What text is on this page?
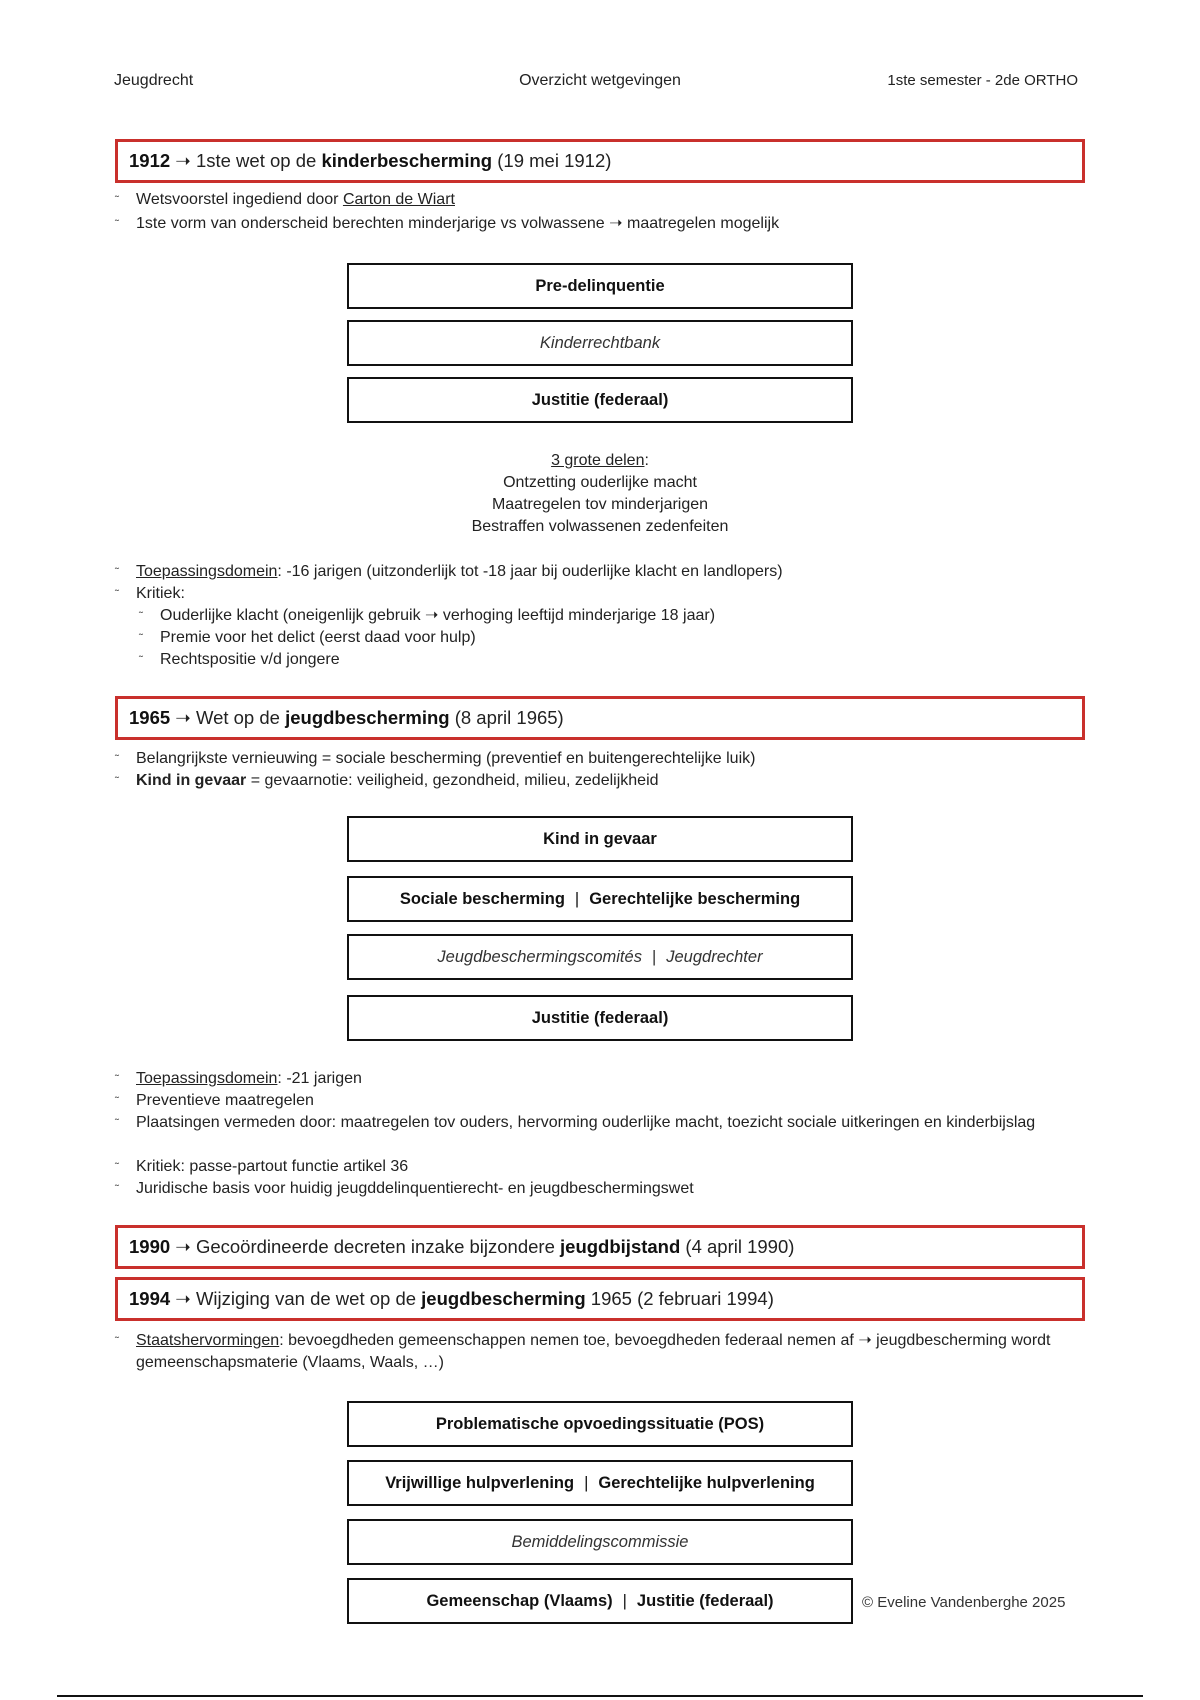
Jeugdrecht	Overzicht wetgevingen	1ste semester - 2de ORTHO
1912 ➝ 1ste wet op de kinderbescherming (19 mei 1912)
˜ Wetsvoorstel ingediend door Carton de Wiart
˜ 1ste vorm van onderscheid berechten minderjarige vs volwassene ➝ maatregelen mogelijk
Pre-delinquentie
Kinderrechtbank
Justitie (federaal)
3 grote delen:
Ontzetting ouderlijke macht
Maatregelen tov minderjarigen
Bestraffen volwassenen zedenfeiten
˜ Toepassingsdomein: -16 jarigen (uitzonderlijk tot -18 jaar bij ouderlijke klacht en landlopers)
˜ Kritiek:
˜ Ouderlijke klacht (oneigenlijk gebruik ➝ verhoging leeftijd minderjarige 18 jaar)
˜ Premie voor het delict (eerst daad voor hulp)
˜ Rechtspositie v/d jongere
1965 ➝ Wet op de jeugdbescherming (8 april 1965)
˜ Belangrijkste vernieuwing = sociale bescherming (preventief en buitengerechtelijke luik)
˜ Kind in gevaar = gevaarnotie: veiligheid, gezondheid, milieu, zedelijkheid
Kind in gevaar
Sociale bescherming | Gerechtelijke bescherming
Jeugdbeschermingscomités | Jeugdrechter
Justitie (federaal)
˜ Toepassingsdomein: -21 jarigen
˜ Preventieve maatregelen
˜ Plaatsingen vermeden door: maatregelen tov ouders, hervorming ouderlijke macht, toezicht sociale uitkeringen en kinderbijslag
˜ Kritiek: passe-partout functie artikel 36
˜ Juridische basis voor huidig jeugddelinquentierecht- en jeugdbeschermingswet
1990 ➝ Gecoördineerde decreten inzake bijzondere jeugdbijstand (4 april 1990)
1994 ➝ Wijziging van de wet op de jeugdbescherming 1965 (2 februari 1994)
˜ Staatshervormingen: bevoegdheden gemeenschappen nemen toe, bevoegdheden federaal nemen af ➝ jeugdbescherming wordt gemeenschapsmaterie (Vlaams, Waals, …)
Problematische opvoedingssituatie (POS)
Vrijwillige hulpverlening | Gerechtelijke hulpverlening
Bemiddelingscommissie
Gemeenschap (Vlaams) | Justitie (federaal)	© Eveline Vandenberghe 2025
